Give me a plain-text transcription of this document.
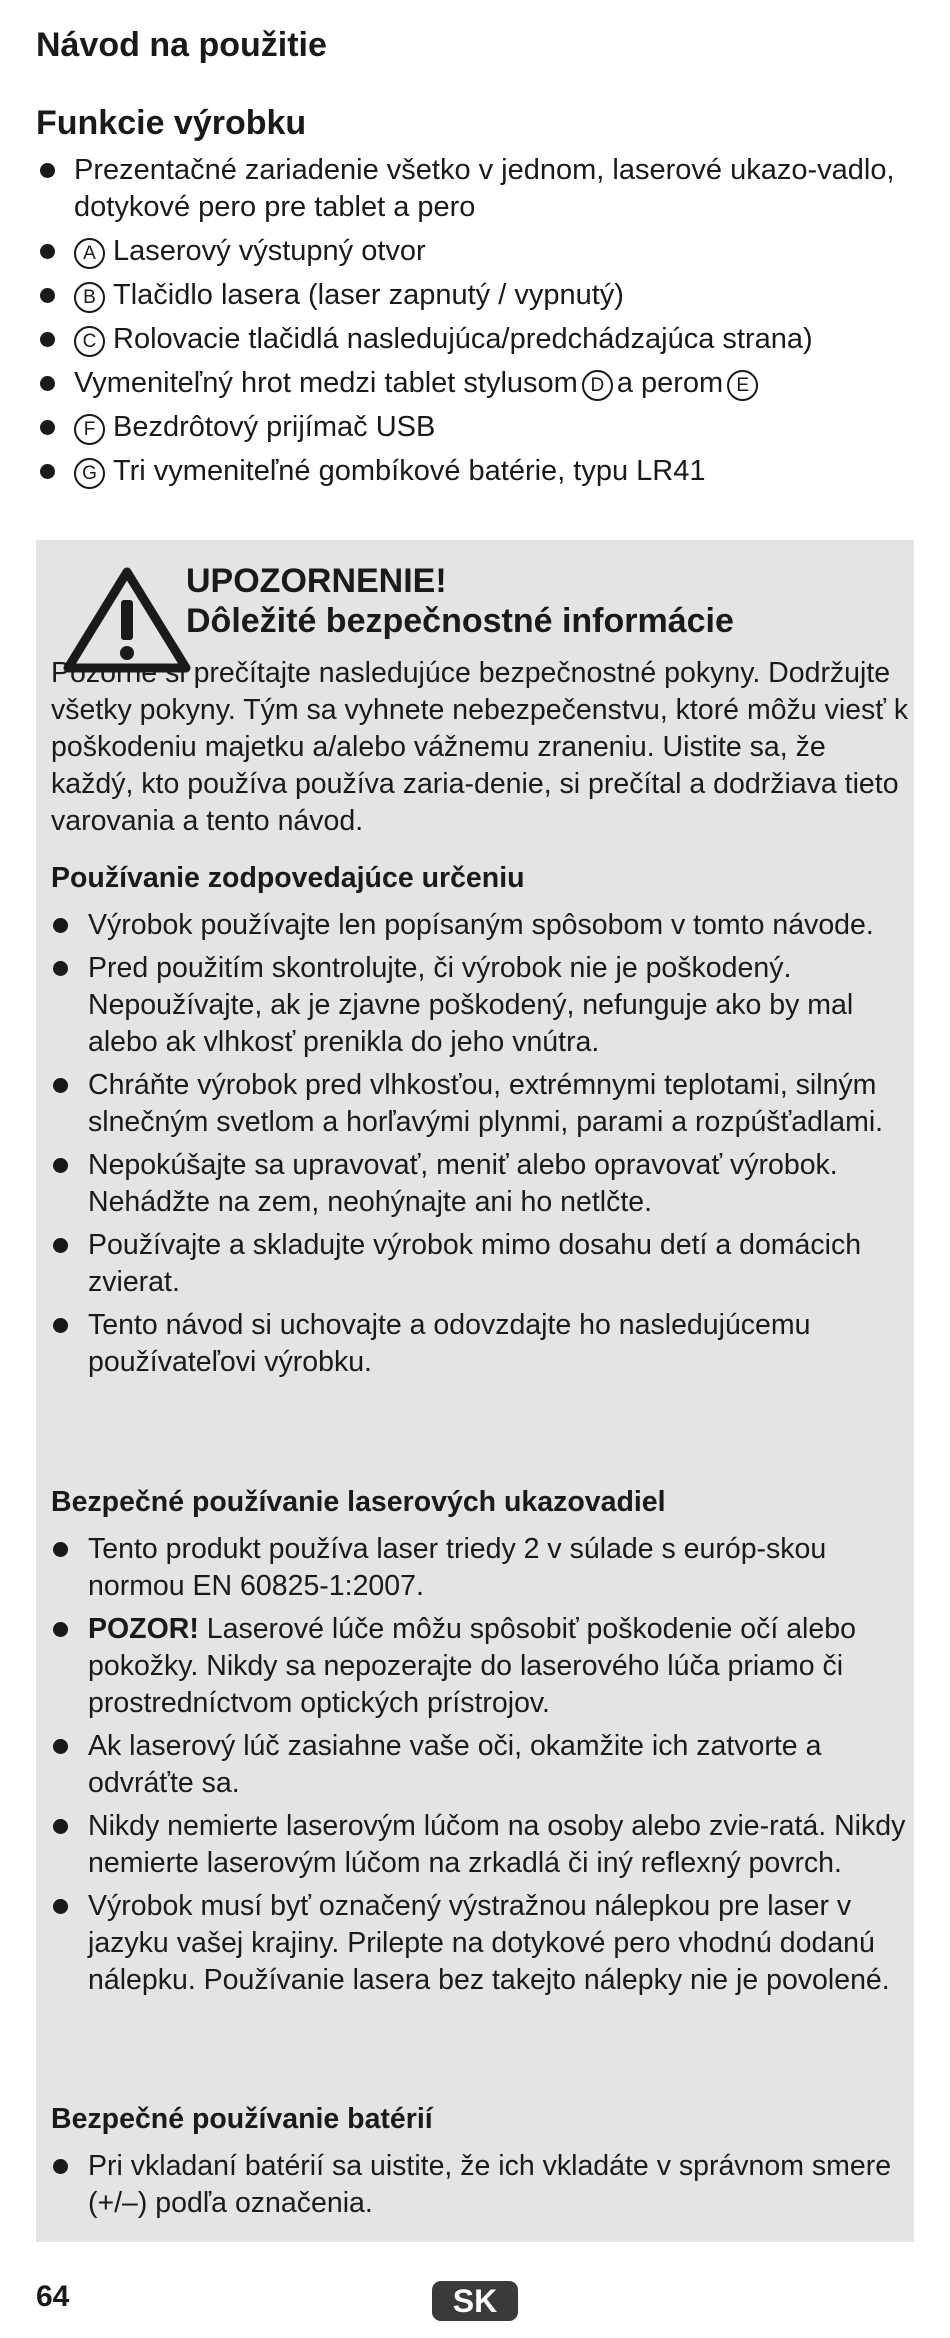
Návod na použitie
Funkcie výrobku
Prezentačné zariadenie všetko v jednom, laserové ukazo-vadlo, dotykové pero pre tablet a pero
A Laserový výstupný otvor
B Tlačidlo lasera (laser zapnutý / vypnutý)
C Rolovacie tlačidlá nasledujúca/predchádzajúca strana)
Vymeniteľný hrot medzi tablet stylusom D a perom E
F Bezdrôtový prijímač USB
G Tri vymeniteľné gombíkové batérie, typu LR41
UPOZORNENIE!
Dôležité bezpečnostné informácie

Pozorne si prečítajte nasledujúce bezpečnostné pokyny. Dodržujte všetky pokyny. Tým sa vyhnete nebezpečenstvu, ktoré môžu viesť k poškodeniu majetku a/alebo vážnemu zraneniu. Uistite sa, že každý, kto používa používa zaria-denie, si prečítal a dodržiava tieto varovania a tento návod.

Používanie zodpovedajúce určeniu
Výrobok používajte len popísaným spôsobom v tomto návode.
Pred použitím skontrolujte, či výrobok nie je poškodený. Nepoužívajte, ak je zjavne poškodený, nefunguje ako by mal alebo ak vlhkosť prenikla do jeho vnútra.
Chráňte výrobok pred vlhkosťou, extrémnymi teplotami, silným slnečným svetlom a horľavými plynmi, parami a rozpúšťadlami.
Nepokúšajte sa upravovať, meniť alebo opravovať výrobok. Nehádžte na zem, neohýnajte ani ho netlčte.
Používajte a skladujte výrobok mimo dosahu detí a domácich zvierat.
Tento návod si uchovajte a odovzdajte ho nasledujúcemu používateľovi výrobku.
Bezpečné používanie laserových ukazovadiel
Tento produkt používa laser triedy 2 v súlade s európ-skou normou EN 60825-1:2007.
POZOR! Laserové lúče môžu spôsobiť poškodenie očí alebo pokožky. Nikdy sa nepozerajte do laserového lúča priamo či prostredníctvom optických prístrojov.
Ak laserový lúč zasiahne vaše oči, okamžite ich zatvorte a odvráťte sa.
Nikdy nemierte laserovým lúčom na osoby alebo zvie-ratá. Nikdy nemierte laserovým lúčom na zrkadlá či iný reflexný povrch.
Výrobok musí byť označený výstražnou nálepkou pre laser v jazyku vašej krajiny. Prilepte na dotykové pero vhodnú dodanú nálepku. Používanie lasera bez takejto nálepky nie je povolené.
Bezpečné používanie batérií
Pri vkladaní batérií sa uistite, že ich vkladáte v správnom smere (+/–) podľa označenia.
64	SK
